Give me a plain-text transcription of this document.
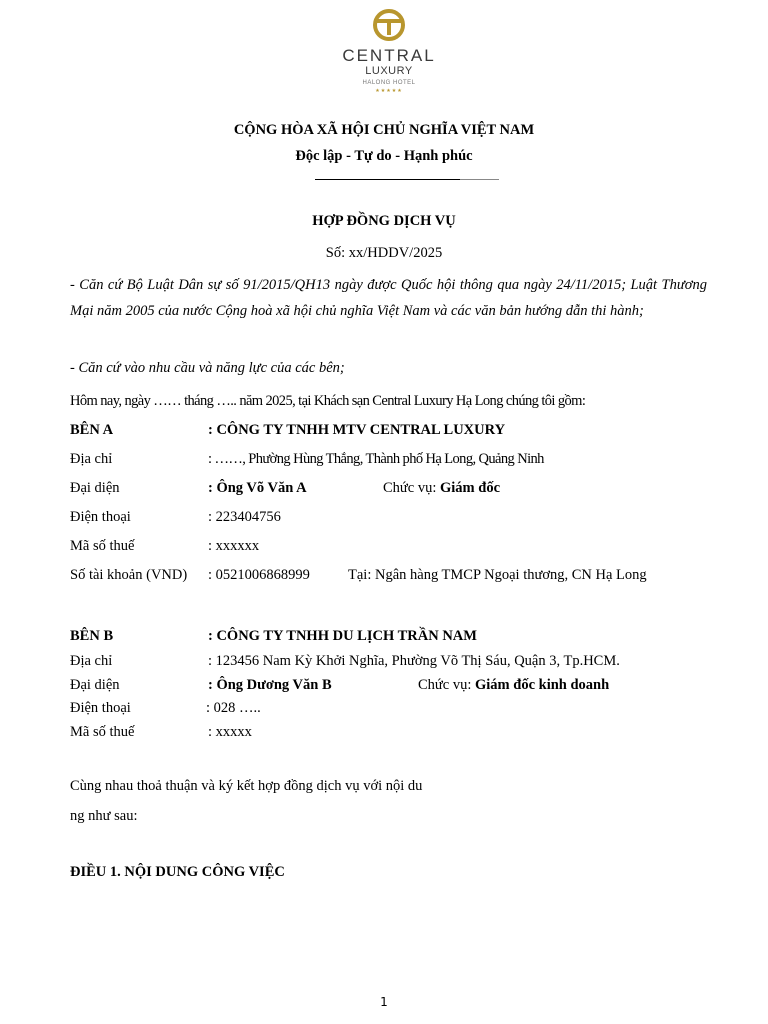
CENTRAL
LUXURY
HALONG HOTEL
★★★★★
CỘNG HÒA XÃ HỘI CHỦ NGHĨA VIỆT NAM
Độc lập - Tự do - Hạnh phúc
HỢP ĐỒNG DỊCH VỤ
Số: xx/HDDV/2025
- Căn cứ Bộ Luật Dân sự số 91/2015/QH13 ngày được Quốc hội thông qua ngày 24/11/2015; Luật Thương Mại năm 2005 của nước Cộng hoà xã hội chủ nghĩa Việt Nam và các văn bản hướng dẫn thi hành;
- Căn cứ vào nhu cầu và năng lực của các bên;
Hôm nay, ngày …… tháng ….. năm 2025, tại Khách sạn Central Luxury Hạ Long chúng tôi gồm:
BÊN A	: CÔNG TY TNHH MTV CENTRAL LUXURY
Địa chỉ	: ……, Phường Hùng Thắng, Thành phố Hạ Long, Quảng Ninh
Đại diện	: Ông Võ Văn A	Chức vụ: Giám đốc
Điện thoại	: 223404756
Mã số thuế	: xxxxxx
Số tài khoản (VND) : 0521006868999	Tại: Ngân hàng TMCP Ngoại thương, CN Hạ Long
BÊN B	: CÔNG TY TNHH DU LỊCH TRẦN NAM
Địa chỉ	: 123456 Nam Kỳ Khởi Nghĩa, Phường Võ Thị Sáu, Quận 3, Tp.HCM.
Đại diện	: Ông Dương Văn B	Chức vụ: Giám đốc kinh doanh
Điện thoại	: 028 …..
Mã số thuế	: xxxxx
Cùng nhau thoả thuận và ký kết hợp đồng dịch vụ với nội du
ng như sau:
ĐIỀU 1. NỘI DUNG CÔNG VIỆC
1
